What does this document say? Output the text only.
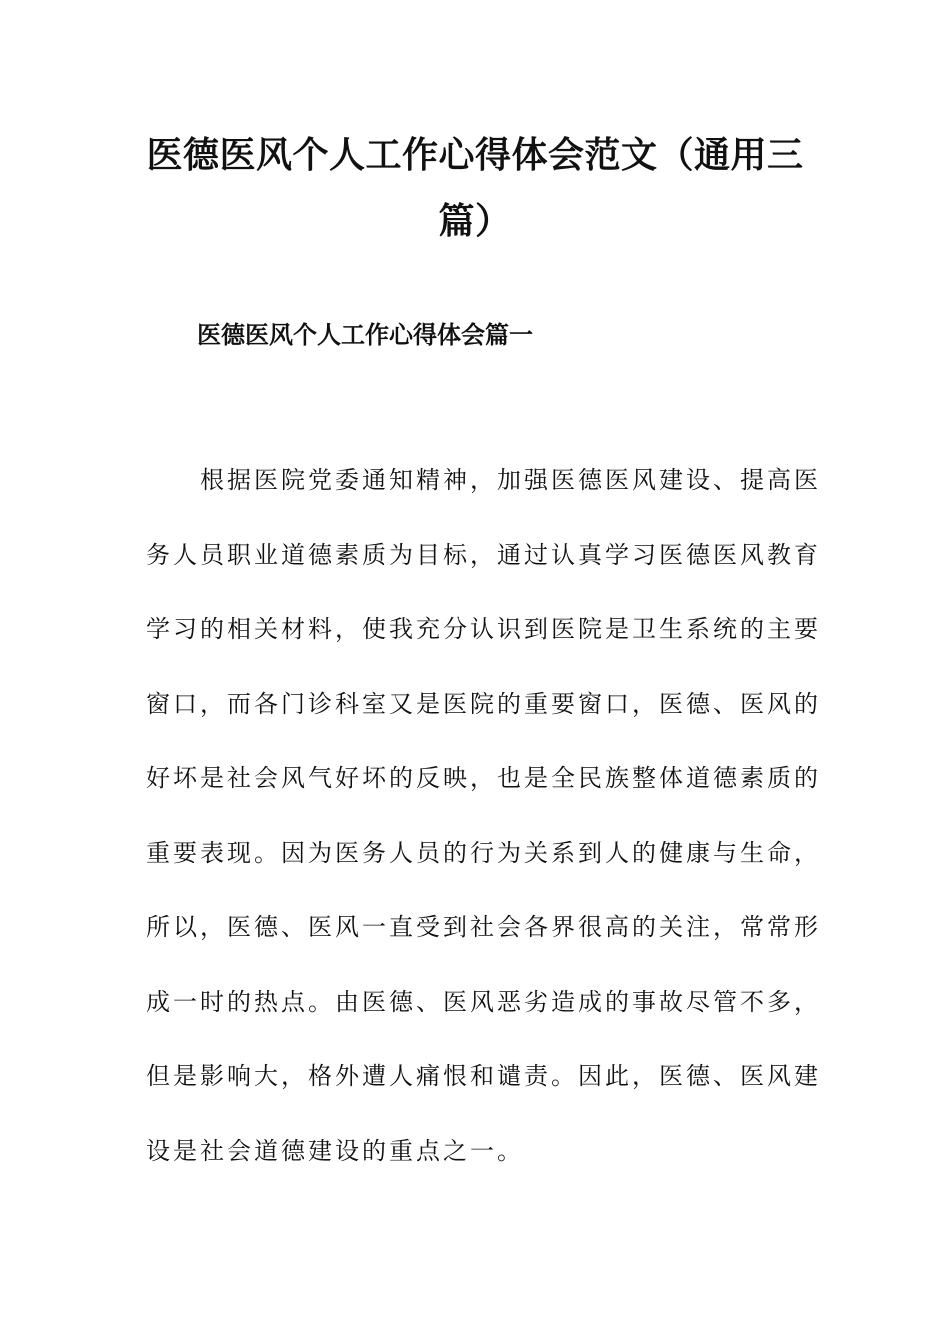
医德医风个人工作心得体会范文（通用三篇）
医德医风个人工作心得体会篇一

　　根据医院党委通知精神，加强医德医风建设、提高医
务人员职业道德素质为目标，通过认真学习医德医风教育
学习的相关材料，使我充分认识到医院是卫生系统的主要
窗口，而各门诊科室又是医院的重要窗口，医德、医风的
好坏是社会风气好坏的反映，也是全民族整体道德素质的
重要表现。因为医务人员的行为关系到人的健康与生命，
所以，医德、医风一直受到社会各界很高的关注，常常形
成一时的热点。由医德、医风恶劣造成的事故尽管不多，
但是影响大，格外遭人痛恨和谴责。因此，医德、医风建
设是社会道德建设的重点之一。
